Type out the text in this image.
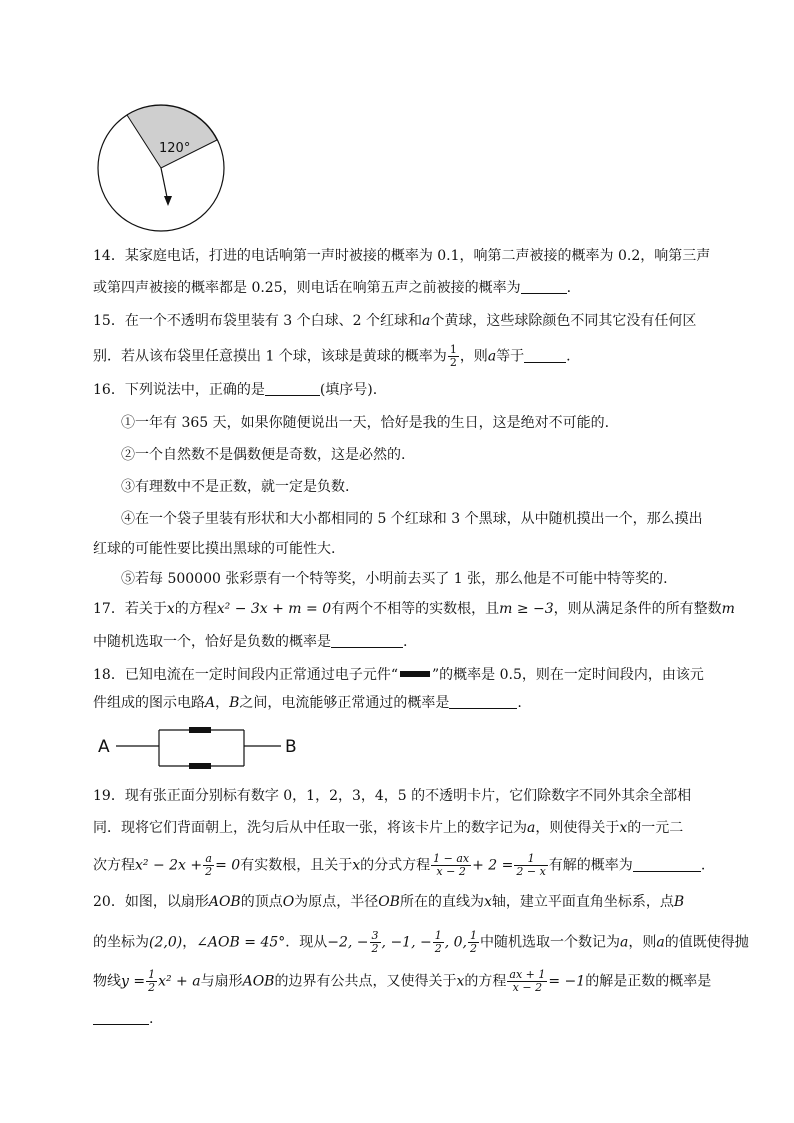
120°
14．某家庭电话，打进的电话响第一声时被接的概率为 0.1，响第二声被接的概率为 0.2，响第三声
或第四声被接的概率都是 0.25，则电话在响第五声之前被接的概率为	.
15．在一个不透明布袋里装有 3 个白球、2 个红球和a个黄球，这些球除颜色不同其它没有任何区
别．若从该布袋里任意摸出 1 个球，该球是黄球的概率为 $\frac{1}{2}$ ，则a等于	.
16．下列说法中，正确的是	(填序号).
①一年有 365 天，如果你随便说出一天，恰好是我的生日，这是绝对不可能的.
②一个自然数不是偶数便是奇数，这是必然的.
③有理数中不是正数，就一定是负数.
④在一个袋子里装有形状和大小都相同的 5 个红球和 3 个黑球，从中随机摸出一个，那么摸出
红球的可能性要比摸出黑球的可能性大.
⑤若每 500000 张彩票有一个特等奖，小明前去买了 1 张，那么他是不可能中特等奖的.
17．若关于x的方程x² − 3x + m = 0有两个不相等的实数根，且m ≥ −3，则从满足条件的所有整数m
中随机选取一个，恰好是负数的概率是	.
18．已知电流在一定时间段内正常通过电子元件“ ”的概率是 0.5，则在一定时间段内，由该元
件组成的图示电路A，B之间，电流能够正常通过的概率是	.
A	B
19．现有张正面分别标有数字 0，1，2，3，4，5 的不透明卡片，它们除数字不同外其余全部相
同．现将它们背面朝上，洗匀后从中任取一张，将该卡片上的数字记为a，则使得关于x的一元二
次方程$x^2 - 2x + \frac{a}{2} = 0$有实数根，且关于x的分式方程 $\frac{1 - ax}{x - 2} + 2 = \frac{1}{2 - x}$ 有解的概率为	.
20．如图，以扇形AOB的顶点O为原点，半径OB所在的直线为x轴，建立平面直角坐标系，点B
的坐标为(2,0)，∠AOB = 45°．现从−2, − $\frac{3}{2}$ , −1, − $\frac{1}{2}$ , 0, $\frac{1}{2}$ 中随机选取一个数记为a，则a的值既使得抛
物线$y = \frac{1}{2} x^2 + a$与扇形AOB的边界有公共点，又使得关于x的方程 $\frac{ax + 1}{x - 2} = -1$的解是正数的概率是
.
